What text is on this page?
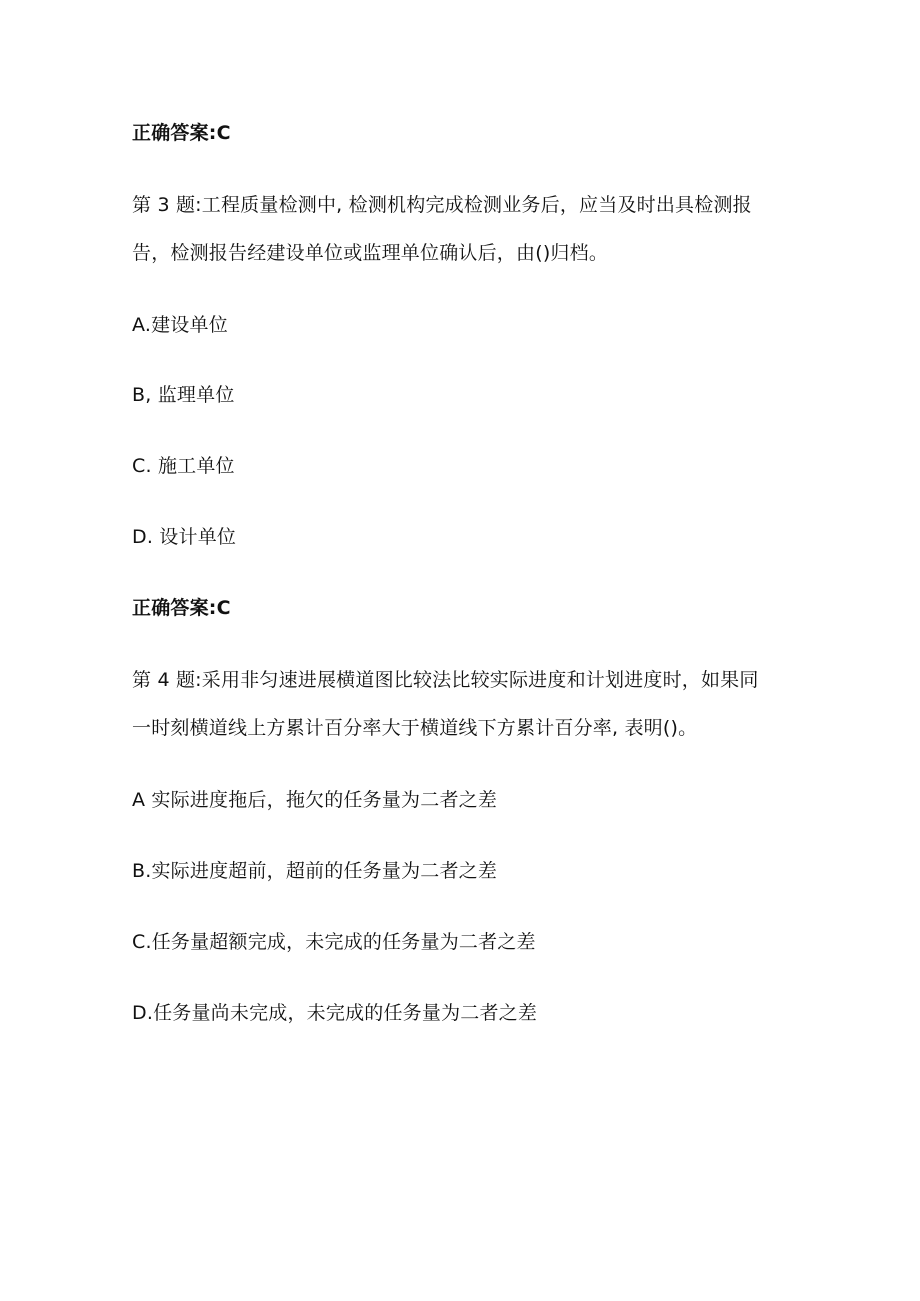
正确答案:C
第 3 题:工程质量检测中, 检测机构完成检测业务后，应当及时出具检测报
告，检测报告经建设单位或监理单位确认后，由()归档。
A.建设单位
B, 监理单位
C. 施工单位
D. 设计单位
正确答案:C
第 4 题:采用非匀速进展横道图比较法比较实际进度和计划进度时，如果同
一时刻横道线上方累计百分率大于横道线下方累计百分率, 表明()。
A 实际进度拖后，拖欠的任务量为二者之差
B.实际进度超前，超前的任务量为二者之差
C.任务量超额完成，未完成的任务量为二者之差
D.任务量尚未完成，未完成的任务量为二者之差
